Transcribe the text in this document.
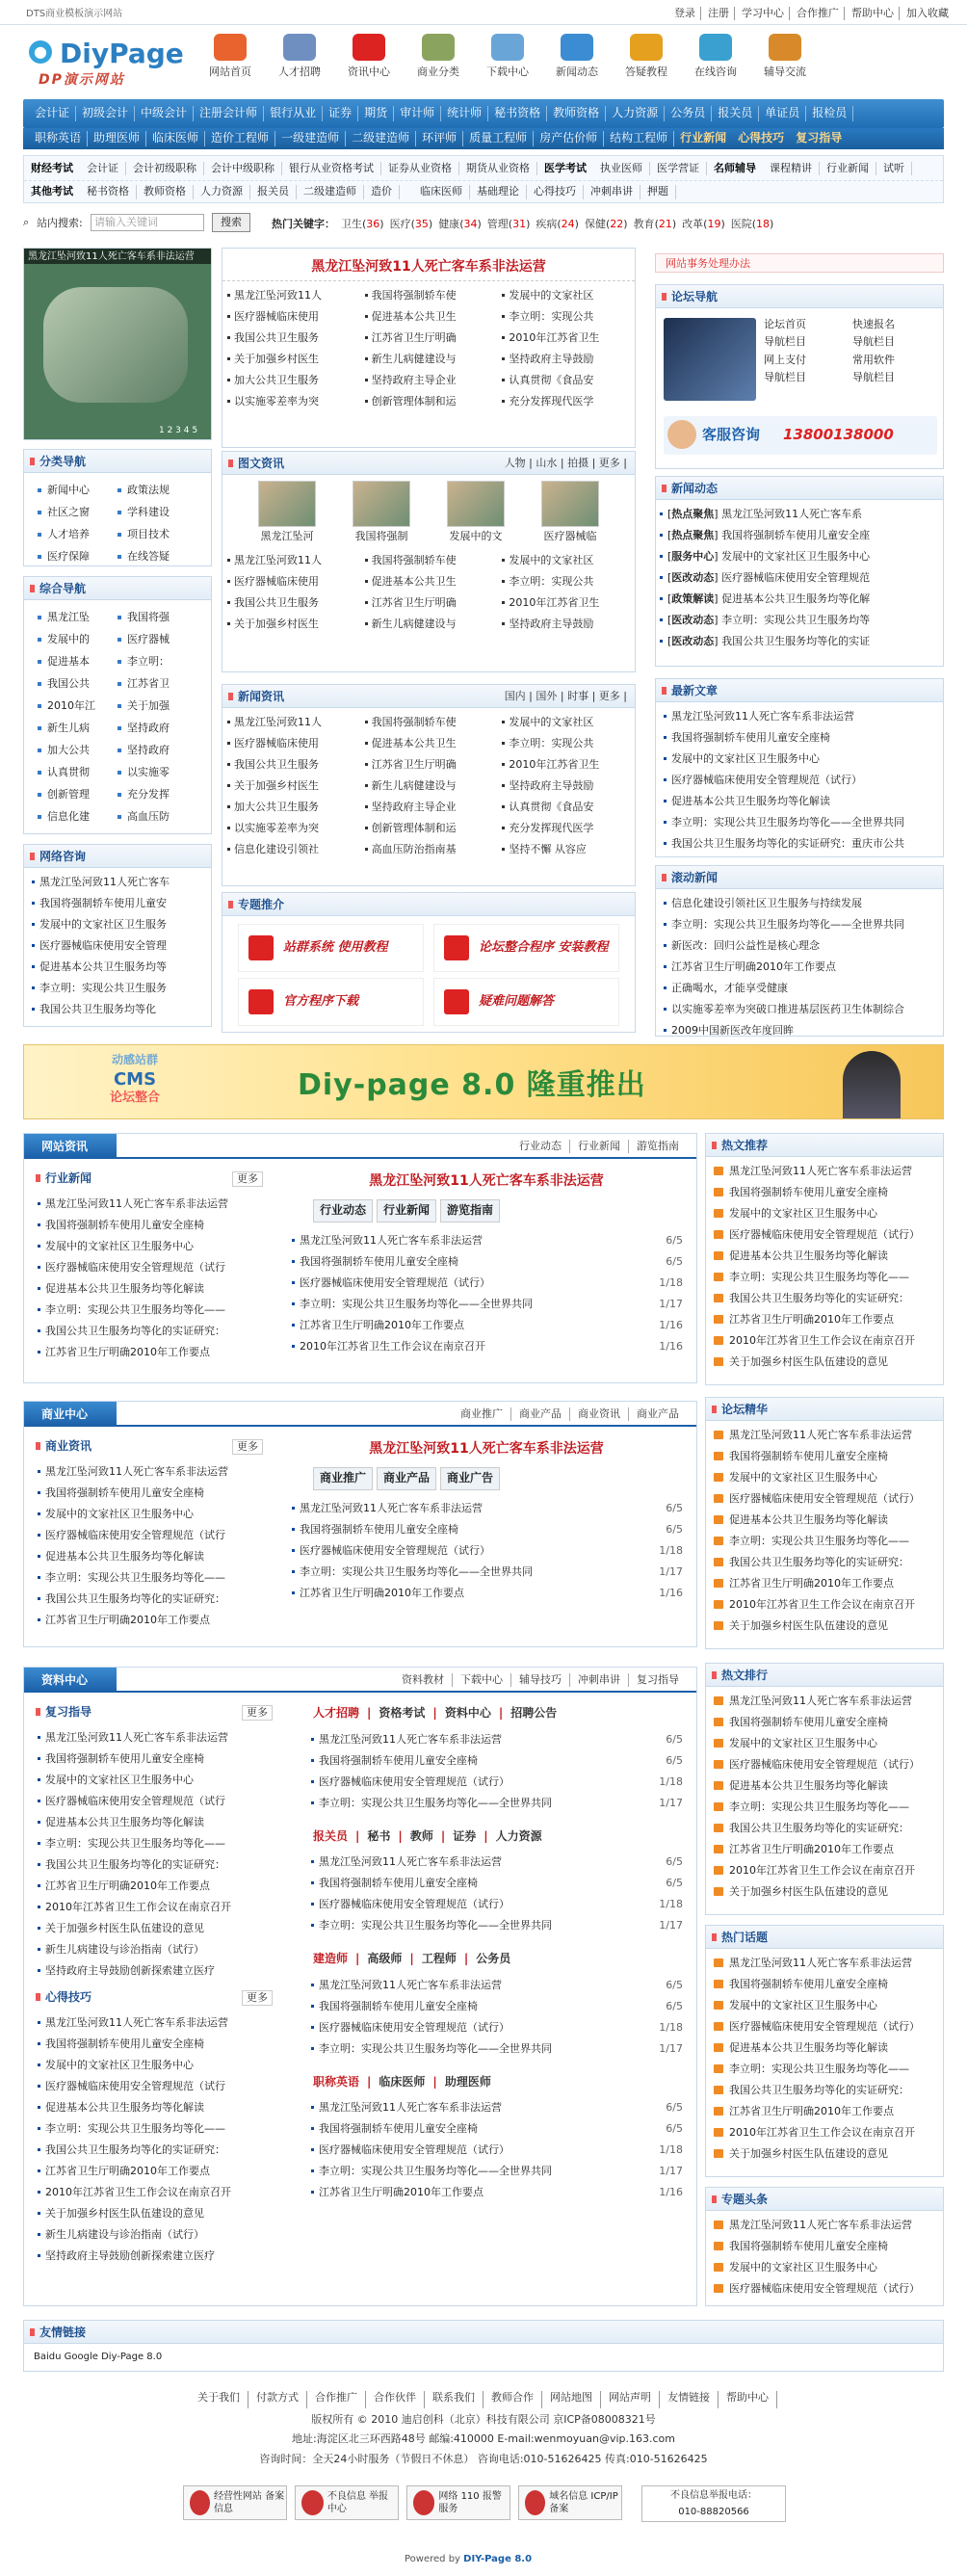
DTS商业模板演示网站	登录	注册	学习中心	合作推广	帮助中心	加入收藏
● DiyPage
DP演示网站
网站首页	人才招聘	资讯中心	商业分类	下载中心	新闻动态	答疑教程	在线咨询	辅导交流
会计证	初级会计	中级会计	注册会计师	银行从业	证券	期货	审计师	统计师	秘书资格	教师资格	人力资源	公务员	报关员	单证员	报检员
职称英语	助理医师	临床医师	造价工程师	一级建造师	二级建造师	环评师	质量工程师	房产估价师	结构工程师	行业新闻	心得技巧	复习指导
财经考试	会计证	会计初级职称	会计中级职称	银行从业资格考试	证券从业资格	期货从业资格	医学考试	执业医师	医学营证	名师辅导	课程精讲	行业新闻	试听
其他考试	秘书资格	教师资格	人力资源	报关员	二级建造师	造价	临床医师	基础理论	心得技巧	冲刺串讲	押题
⌕ 站内搜索:	请输入关键词	搜索	热门关键字： 卫生(36) 医疗(35) 健康(34) 管理(31) 疾病(24) 保健(22) 教育(21) 改革(19) 医院(18)
黑龙江坠河致11人死亡客车系非法运营
1 2 3 4 5
分类导航
新闻中心	政策法规
社区之窗	学科建设
人才培养	项目技术
医疗保障	在线答疑
综合导航
黑龙江坠	我国将强
发展中的	医疗器械
促进基本	李立明：
我国公共	江苏省卫
2010年江	关于加强
新生儿病	坚持政府
加大公共	坚持政府
认真贯彻	以实施零
创新管理	充分发挥
信息化建	高血压防
网络咨询
黑龙江坠河致11人死亡客车
我国将强制轿车使用儿童安
发展中的文家社区卫生服务
医疗器械临床使用安全管理
促进基本公共卫生服务均等
李立明：实现公共卫生服务
我国公共卫生服务均等化
黑龙江坠河致11人死亡客车系非法运营
黑龙江坠河致11人	我国将强制轿车使	发展中的文家社区
医疗器械临床使用	促进基本公共卫生	李立明：实现公共
我国公共卫生服务	江苏省卫生厅明确	2010年江苏省卫生
关于加强乡村医生	新生儿病健建设与	坚持政府主导鼓励
加大公共卫生服务	坚持政府主导企业	认真贯彻《食品安
以实施零差率为突	创新管理体制和运	充分发挥现代医学
图文资讯	人物 | 山水 | 拍摄 | 更多 |
黑龙江坠河	我国将强制	发展中的文	医疗器械临
黑龙江坠河致11人	我国将强制轿车使	发展中的文家社区
医疗器械临床使用	促进基本公共卫生	李立明：实现公共
我国公共卫生服务	江苏省卫生厅明确	2010年江苏省卫生
关于加强乡村医生	新生儿病健建设与	坚持政府主导鼓励
新闻资讯	国内 | 国外 | 时事 | 更多 |
黑龙江坠河致11人	我国将强制轿车使	发展中的文家社区
医疗器械临床使用	促进基本公共卫生	李立明：实现公共
我国公共卫生服务	江苏省卫生厅明确	2010年江苏省卫生
关于加强乡村医生	新生儿病健建设与	坚持政府主导鼓励
加大公共卫生服务	坚持政府主导企业	认真贯彻《食品安
以实施零差率为突	创新管理体制和运	充分发挥现代医学
信息化建设引领社	高血压防治指南基	坚持不懈 从容应
专题推介
站群系统 使用教程	论坛整合程序 安装教程
官方程序下载	疑难问题解答
网站事务处理办法
论坛导航
论坛首页	快速报名
导航栏目	导航栏目
网上支付	常用软件
导航栏目	导航栏目
客服咨询 13800138000
新闻动态
[热点聚焦] 黑龙江坠河致11人死亡客车系
[热点聚焦] 我国将强制轿车使用儿童安全座
[服务中心] 发展中的文家社区卫生服务中心
[医改动态] 医疗器械临床使用安全管理规范
[政策解读] 促进基本公共卫生服务均等化解
[医改动态] 李立明：实现公共卫生服务均等
[医改动态] 我国公共卫生服务均等化的实证
最新文章
黑龙江坠河致11人死亡客车系非法运营
我国将强制轿车使用儿童安全座椅
发展中的文家社区卫生服务中心
医疗器械临床使用安全管理规范（试行）
促进基本公共卫生服务均等化解读
李立明：实现公共卫生服务均等化——全世界共同
我国公共卫生服务均等化的实证研究：重庆市公共
滚动新闻
信息化建设引领社区卫生服务与持续发展
李立明：实现公共卫生服务均等化——全世界共同
新医改：回归公益性是核心理念
江苏省卫生厅明确2010年工作要点
正确喝水，才能享受健康
以实施零差率为突破口推进基层医药卫生体制综合
2009中国新医改年度回眸
动感站群
CMS
论坛整合	Diy-page 8.0 隆重推出
网站资讯	行业动态	行业新闻	游览指南
行业新闻	更多
黑龙江坠河致11人死亡客车系非法运营
我国将强制轿车使用儿童安全座椅
发展中的文家社区卫生服务中心
医疗器械临床使用安全管理规范（试行
促进基本公共卫生服务均等化解读
李立明：实现公共卫生服务均等化——
我国公共卫生服务均等化的实证研究：
江苏省卫生厅明确2010年工作要点
黑龙江坠河致11人死亡客车系非法运营
行业动态	行业新闻	游览指南
黑龙江坠河致11人死亡客车系非法运营	6/5
我国将强制轿车使用儿童安全座椅	6/5
医疗器械临床使用安全管理规范（试行）	1/18
李立明：实现公共卫生服务均等化——全世界共同	1/17
江苏省卫生厅明确2010年工作要点	1/16
2010年江苏省卫生工作会议在南京召开	1/16
热文推荐
黑龙江坠河致11人死亡客车系非法运营
我国将强制轿车使用儿童安全座椅
发展中的文家社区卫生服务中心
医疗器械临床使用安全管理规范（试行）
促进基本公共卫生服务均等化解读
李立明：实现公共卫生服务均等化——
我国公共卫生服务均等化的实证研究：
江苏省卫生厅明确2010年工作要点
2010年江苏省卫生工作会议在南京召开
关于加强乡村医生队伍建设的意见
商业中心	商业推广	商业产品	商业资讯	商业产品
商业资讯	更多
黑龙江坠河致11人死亡客车系非法运营
我国将强制轿车使用儿童安全座椅
发展中的文家社区卫生服务中心
医疗器械临床使用安全管理规范（试行
促进基本公共卫生服务均等化解读
李立明：实现公共卫生服务均等化——
我国公共卫生服务均等化的实证研究：
江苏省卫生厅明确2010年工作要点
黑龙江坠河致11人死亡客车系非法运营
商业推广	商业产品	商业广告
黑龙江坠河致11人死亡客车系非法运营	6/5
我国将强制轿车使用儿童安全座椅	6/5
医疗器械临床使用安全管理规范（试行）	1/18
李立明：实现公共卫生服务均等化——全世界共同	1/17
江苏省卫生厅明确2010年工作要点	1/16
论坛精华
黑龙江坠河致11人死亡客车系非法运营
我国将强制轿车使用儿童安全座椅
发展中的文家社区卫生服务中心
医疗器械临床使用安全管理规范（试行）
促进基本公共卫生服务均等化解读
李立明：实现公共卫生服务均等化——
我国公共卫生服务均等化的实证研究：
江苏省卫生厅明确2010年工作要点
2010年江苏省卫生工作会议在南京召开
关于加强乡村医生队伍建设的意见
资料中心	资料教材	下载中心	辅导技巧	冲刺串讲	复习指导
复习指导	更多
黑龙江坠河致11人死亡客车系非法运营
我国将强制轿车使用儿童安全座椅
发展中的文家社区卫生服务中心
医疗器械临床使用安全管理规范（试行
促进基本公共卫生服务均等化解读
李立明：实现公共卫生服务均等化——
我国公共卫生服务均等化的实证研究：
江苏省卫生厅明确2010年工作要点
2010年江苏省卫生工作会议在南京召开
关于加强乡村医生队伍建设的意见
新生儿病建设与诊治指南（试行）
坚持政府主导鼓励创新探索建立医疗
心得技巧	更多
黑龙江坠河致11人死亡客车系非法运营
我国将强制轿车使用儿童安全座椅
发展中的文家社区卫生服务中心
医疗器械临床使用安全管理规范（试行
促进基本公共卫生服务均等化解读
李立明：实现公共卫生服务均等化——
我国公共卫生服务均等化的实证研究：
江苏省卫生厅明确2010年工作要点
2010年江苏省卫生工作会议在南京召开
关于加强乡村医生队伍建设的意见
新生儿病建设与诊治指南（试行）
坚持政府主导鼓励创新探索建立医疗
人才招聘 | 资格考试 | 资料中心 | 招聘公告
黑龙江坠河致11人死亡客车系非法运营	6/5
我国将强制轿车使用儿童安全座椅	6/5
医疗器械临床使用安全管理规范（试行）	1/18
李立明：实现公共卫生服务均等化——全世界共同	1/17
报关员 | 秘书 | 教师 | 证券 | 人力资源
黑龙江坠河致11人死亡客车系非法运营	6/5
我国将强制轿车使用儿童安全座椅	6/5
医疗器械临床使用安全管理规范（试行）	1/18
李立明：实现公共卫生服务均等化——全世界共同	1/17
建造师 | 高级师 | 工程师 | 公务员
黑龙江坠河致11人死亡客车系非法运营	6/5
我国将强制轿车使用儿童安全座椅	6/5
医疗器械临床使用安全管理规范（试行）	1/18
李立明：实现公共卫生服务均等化——全世界共同	1/17
职称英语 | 临床医师 | 助理医师
黑龙江坠河致11人死亡客车系非法运营	6/5
我国将强制轿车使用儿童安全座椅	6/5
医疗器械临床使用安全管理规范（试行）	1/18
李立明：实现公共卫生服务均等化——全世界共同	1/17
江苏省卫生厅明确2010年工作要点	1/16
热文排行
黑龙江坠河致11人死亡客车系非法运营
我国将强制轿车使用儿童安全座椅
发展中的文家社区卫生服务中心
医疗器械临床使用安全管理规范（试行）
促进基本公共卫生服务均等化解读
李立明：实现公共卫生服务均等化——
我国公共卫生服务均等化的实证研究：
江苏省卫生厅明确2010年工作要点
2010年江苏省卫生工作会议在南京召开
关于加强乡村医生队伍建设的意见
热门话题
黑龙江坠河致11人死亡客车系非法运营
我国将强制轿车使用儿童安全座椅
发展中的文家社区卫生服务中心
医疗器械临床使用安全管理规范（试行）
促进基本公共卫生服务均等化解读
李立明：实现公共卫生服务均等化——
我国公共卫生服务均等化的实证研究：
江苏省卫生厅明确2010年工作要点
2010年江苏省卫生工作会议在南京召开
关于加强乡村医生队伍建设的意见
专题头条
黑龙江坠河致11人死亡客车系非法运营
我国将强制轿车使用儿童安全座椅
发展中的文家社区卫生服务中心
医疗器械临床使用安全管理规范（试行）
友情链接
Baidu Google Diy-Page 8.0
关于我们	付款方式	合作推广	合作伙伴	联系我们	教师合作	网站地图	网站声明	友情链接	帮助中心
版权所有 © 2010 迪启创科（北京）科技有限公司 京ICP备08008321号
地址:海淀区北三环西路48号 邮编:410000 E-mail:wenmoyuan@vip.163.com
咨询时间：全天24小时服务（节假日不休息） 咨询电话:010-51626425 传真:010-51626425
经营性网站 备案信息
不良信息 举报中心
网络 110 报警服务
域名信息 ICP/IP备案
不良信息举报电话：
010-88820566
Powered by DIY-Page 8.0
